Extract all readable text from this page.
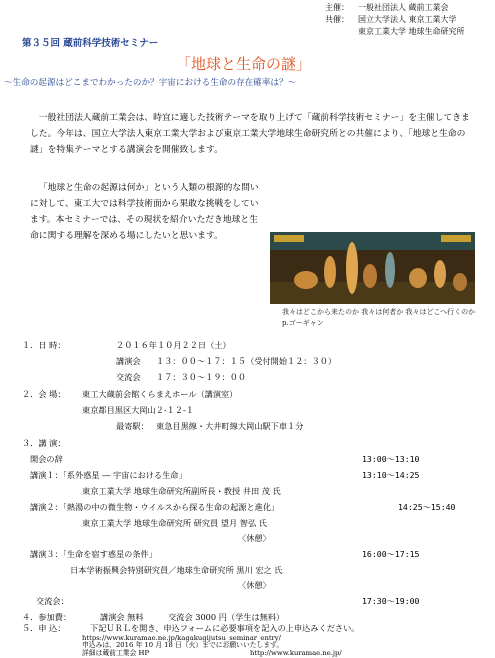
主催： 一般社団法人 蔵前工業会
共催： 国立大学法人 東京工業大学
東京工業大学 地球生命研究所
第３５回 蔵前科学技術セミナー
「地球と生命の謎」
～生命の起源はどこまでわかったのか？宇宙における生命の存在確率は？～
一般社団法人蔵前工業会は、時宜に適した技術テーマを取り上げて「蔵前科学技術セミナー」を主催してきました。今年は、国立大学法人東京工業大学および東京工業大学地球生命研究所との共催により、「地球と生命の謎」を特集テーマとする講演会を開催致します。
「地球と生命の起源は何か」という人類の根源的な問いに対して、東工大では科学技術面から果敢な挑戦をしています。本セミナーでは、その現状を紹介いただき地球と生命に関する理解を深める場にしたいと思います。
我々はどこから来たのか 我々は何者か 我々はどこへ行くのか p.ゴーギャン
１．日 時：	２０１６年１０月２２日（土）
講演会 １３：００～１７：１５（受付開始１２：３０）
交流会 １７：３０～１９：００
２．会 場： 東工大蔵前会館くらまえホール（講演室）
東京都目黒区大岡山２-１２-１
最寄駅： 東急目黒線・大井町線大岡山駅下車１分
３．講 演：
開会の辞	13:00～13:10
講演１：「系外惑星 ― 宇宙における生命」	13:10～14:25
東京工業大学 地球生命研究所副所長・教授 井田 茂 氏
講演２：「熱湯の中の微生物・ウイルスから探る生命の起源と進化」	14:25～15:40
東京工業大学 地球生命研究所 研究員 望月 智弘 氏
〈休憩〉
講演３：「生命を宿す惑星の条件」	16:00～17:15
日本学術振興会特別研究員／地球生命研究所 黒川 宏之 氏
〈休憩〉
交流会：	17:30～19:00
４．参加費：	講演会 無料　　　交流会 3000 円（学生は無料）
５．申 込：	下記ＵＲＬを開き、申込フォームに必要事項を記入の上申込みください。
https://www.kuramae.ne.jp/kagakugijutsu_seminar_entry/
申込みは、2016 年 10 月 18 日（火）までにお願いいたします。
詳細は蔵前工業会 HP	http://www.kuramae.ne.jp/
